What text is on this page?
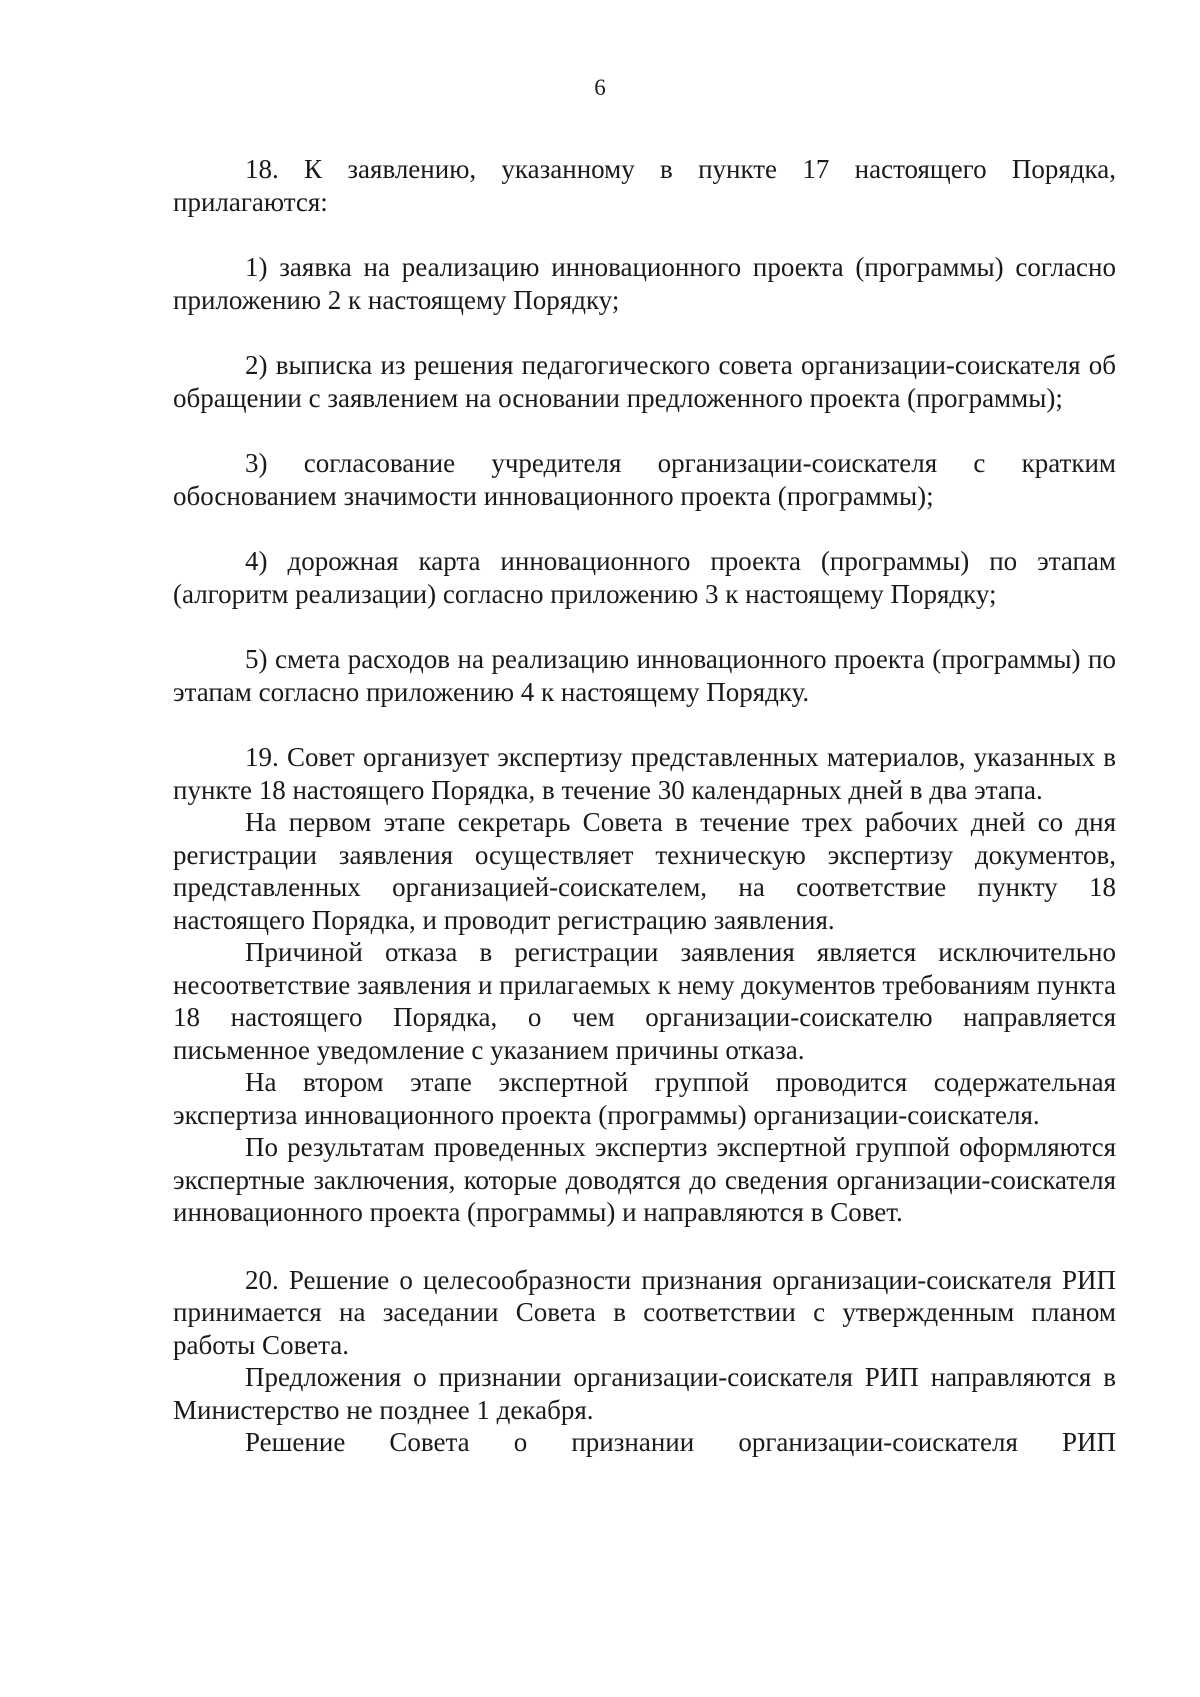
6

18. К заявлению, указанному в пункте 17 настоящего Порядка, прилагаются:

1) заявка на реализацию инновационного проекта (программы) согласно приложению 2 к настоящему Порядку;

2) выписка из решения педагогического совета организации-соискателя об обращении с заявлением на основании предложенного проекта (программы);

3) согласование учредителя организации-соискателя с кратким обоснованием значимости инновационного проекта (программы);

4) дорожная карта инновационного проекта (программы) по этапам (алгоритм реализации) согласно приложению 3 к настоящему Порядку;

5) смета расходов на реализацию инновационного проекта (программы) по этапам согласно приложению 4 к настоящему Порядку.

19. Совет организует экспертизу представленных материалов, указанных в пункте 18 настоящего Порядка, в течение 30 календарных дней в два этапа.

На первом этапе секретарь Совета в течение трех рабочих дней со дня регистрации заявления осуществляет техническую экспертизу документов, представленных организацией-соискателем, на соответствие пункту 18 настоящего Порядка, и проводит регистрацию заявления.

Причиной отказа в регистрации заявления является исключительно несоответствие заявления и прилагаемых к нему документов требованиям пункта 18 настоящего Порядка, о чем организации-соискателю направляется письменное уведомление с указанием причины отказа.

На втором этапе экспертной группой проводится содержательная экспертиза инновационного проекта (программы) организации-соискателя.

По результатам проведенных экспертиз экспертной группой оформляются экспертные заключения, которые доводятся до сведения организации-соискателя инновационного проекта (программы) и направляются в Совет.

20. Решение о целесообразности признания организации-соискателя РИП принимается на заседании Совета в соответствии с утвержденным планом работы Совета.

Предложения о признании организации-соискателя РИП направляются в Министерство не позднее 1 декабря.

Решение Совета о признании организации-соискателя РИП
